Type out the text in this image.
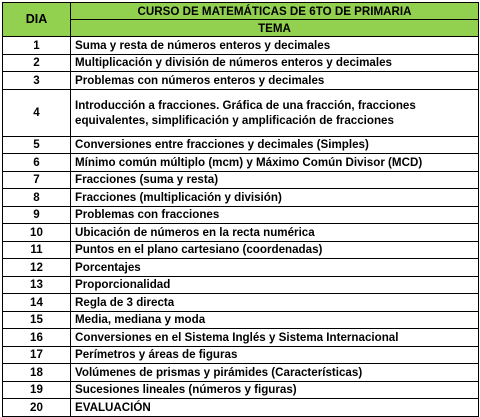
DIA	CURSO DE MATEMÁTICAS DE 6TO DE PRIMARIA
	TEMA
1	Suma y resta de números enteros y decimales
2	Multiplicación y división de números enteros y decimales
3	Problemas con números enteros y decimales
4	Introducción a fracciones. Gráfica de una fracción, fracciones equivalentes, simplificación y amplificación de fracciones
5	Conversiones entre fracciones y decimales (Simples)
6	Mínimo común múltiplo (mcm) y Máximo Común Divisor (MCD)
7	Fracciones (suma y resta)
8	Fracciones (multiplicación y división)
9	Problemas con fracciones
10	Ubicación de números en la recta numérica
11	Puntos en el plano cartesiano (coordenadas)
12	Porcentajes
13	Proporcionalidad
14	Regla de 3 directa
15	Media, mediana y moda
16	Conversiones en el Sistema Inglés y Sistema Internacional
17	Perímetros y áreas de figuras
18	Volúmenes de prismas y pirámides (Características)
19	Sucesiones lineales (números y figuras)
20	EVALUACIÓN
